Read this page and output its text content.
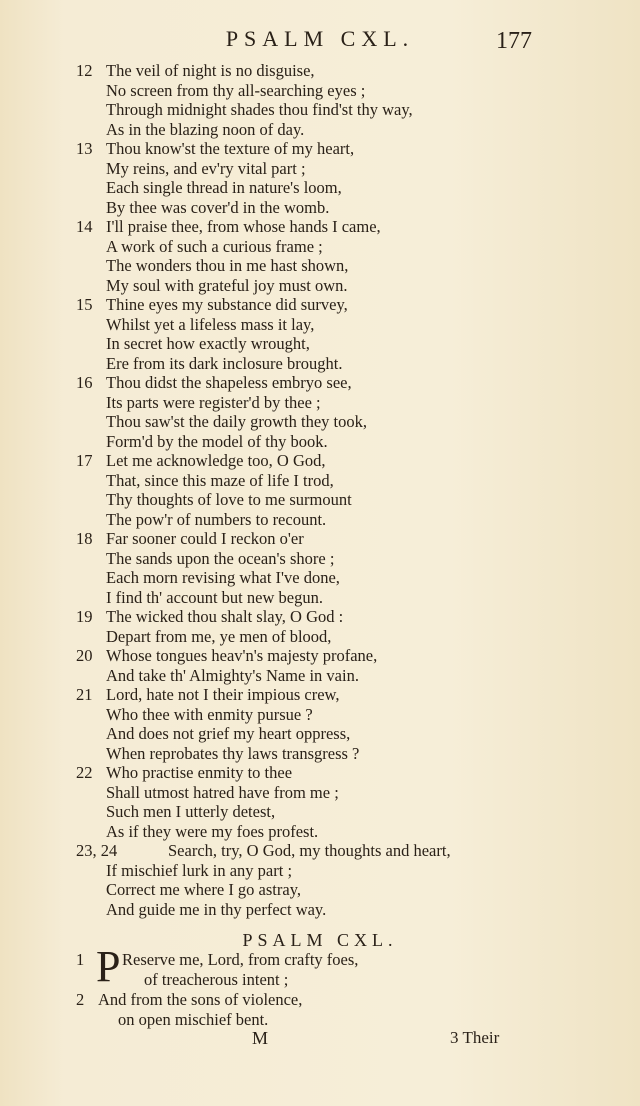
PSALM CXL.	177
12 The veil of night is no disguise,
No screen from thy all-searching eyes ;
Through midnight shades thou find'st thy way,
As in the blazing noon of day.
13 Thou know'st the texture of my heart,
My reins, and ev'ry vital part ;
Each single thread in nature's loom,
By thee was cover'd in the womb.
14 I'll praise thee, from whose hands I came,
A work of such a curious frame ;
The wonders thou in me hast shown,
My soul with grateful joy must own.
15 Thine eyes my substance did survey,
Whilst yet a lifeless mass it lay,
In secret how exactly wrought,
Ere from its dark inclosure brought.
16 Thou didst the shapeless embryo see,
Its parts were register'd by thee ;
Thou saw'st the daily growth they took,
Form'd by the model of thy book.
17 Let me acknowledge too, O God,
That, since this maze of life I trod,
Thy thoughts of love to me surmount
The pow'r of numbers to recount.
18 Far sooner could I reckon o'er
The sands upon the ocean's shore ;
Each morn revising what I've done,
I find th' account but new begun.
19 The wicked thou shalt slay, O God :
Depart from me, ye men of blood,
20 Whose tongues heav'n's majesty profane,
And take th' Almighty's Name in vain.
21 Lord, hate not I their impious crew,
Who thee with enmity pursue ?
And does not grief my heart oppress,
When reprobates thy laws transgress ?
22 Who practise enmity to thee
Shall utmost hatred have from me ;
Such men I utterly detest,
As if they were my foes profest.
23, 24	Search, try, O God, my thoughts and heart,
If mischief lurk in any part ;
Correct me where I go astray,
And guide me in thy perfect way.
PSALM CXL.
P
1 Reserve me, Lord, from crafty foes,
of treacherous intent ;
2 And from the sons of violence,
on open mischief bent.
M	3 Their
